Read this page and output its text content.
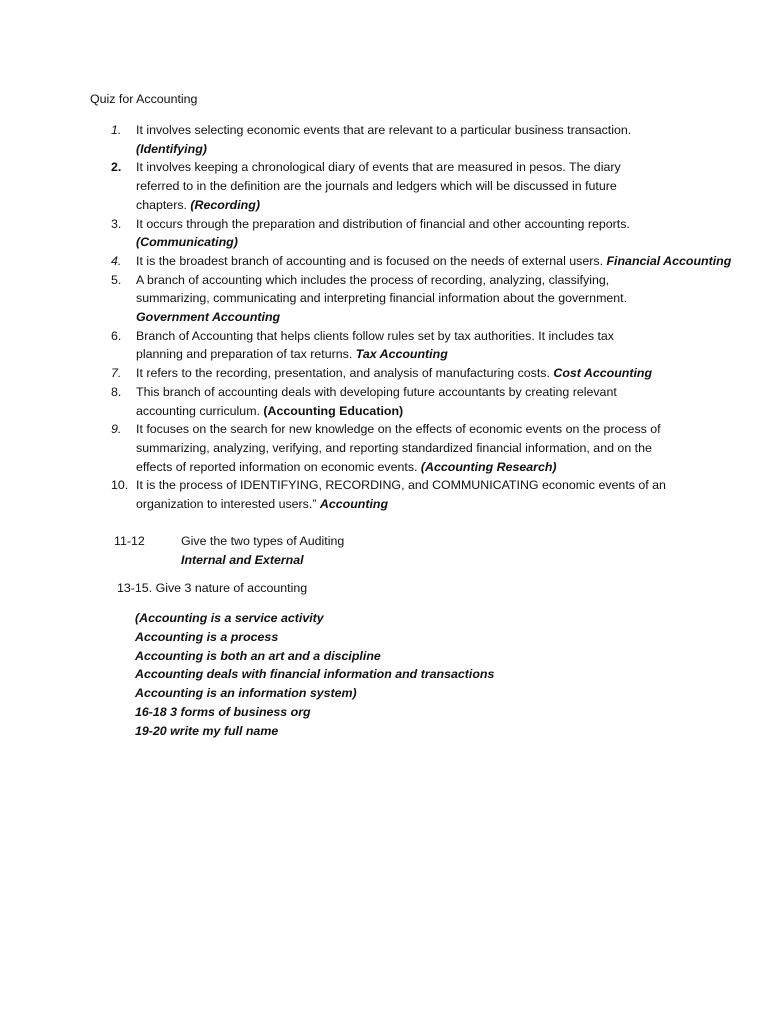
Quiz for Accounting
1. It involves selecting economic events that are relevant to a particular business transaction.
(Identifying)
2. It involves keeping a chronological diary of events that are measured in pesos. The diary
referred to in the definition are the journals and ledgers which will be discussed in future
chapters. (Recording)
3. It occurs through the preparation and distribution of financial and other accounting reports.
(Communicating)
4. It is the broadest branch of accounting and is focused on the needs of external users. Financial Accounting
5. A branch of accounting which includes the process of recording, analyzing, classifying,
summarizing, communicating and interpreting financial information about the government.
Government Accounting
6. Branch of Accounting that helps clients follow rules set by tax authorities. It includes tax
planning and preparation of tax returns. Tax Accounting
7. It refers to the recording, presentation, and analysis of manufacturing costs. Cost Accounting
8. This branch of accounting deals with developing future accountants by creating relevant
accounting curriculum. (Accounting Education)
9. It focuses on the search for new knowledge on the effects of economic events on the process of
summarizing, analyzing, verifying, and reporting standardized financial information, and on the
effects of reported information on economic events. (Accounting Research)
10. It is the process of IDENTIFYING, RECORDING, and COMMUNICATING economic events of an
organization to interested users.” Accounting
11-12	Give the two types of Auditing
Internal and External
13-15. Give 3 nature of accounting
(Accounting is a service activity
Accounting is a process
Accounting is both an art and a discipline
Accounting deals with financial information and transactions
Accounting is an information system)
16-18 3 forms of business org
19-20 write my full name
